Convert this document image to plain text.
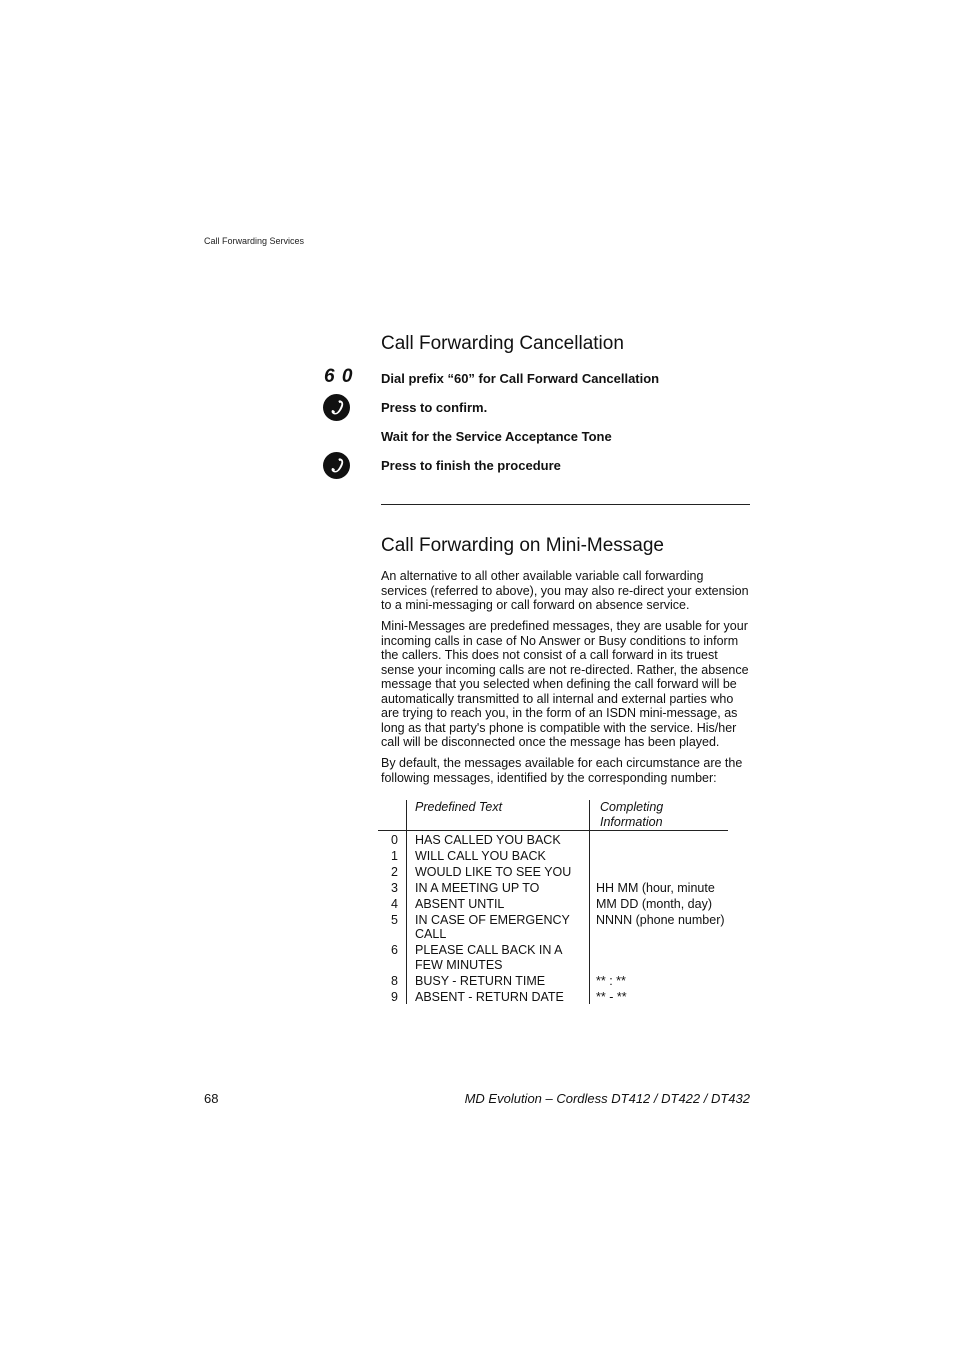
Call Forwarding Services
Call Forwarding Cancellation
6 0 Dial prefix “60” for Call Forward Cancellation
Press to confirm.
Wait for the Service Acceptance Tone
Press to finish the procedure
Call Forwarding on Mini-Message

An alternative to all other available variable call forwarding services (referred to above), you may also re-direct your extension to a mini-messaging or call forward on absence service.

Mini-Messages are predefined messages, they are usable for your incoming calls in case of No Answer or Busy conditions to inform the callers. This does not consist of a call forward in its truest sense your incoming calls are not re-directed. Rather, the absence message that you selected when defining the call forward will be automatically transmitted to all internal and external parties who are trying to reach you, in the form of an ISDN mini-message, as long as that party's phone is compatible with the service. His/her call will be disconnected once the message has been played.

By default, the messages available for each circumstance are the following messages, identified by the corresponding number:

	Predefined Text	Completing Information
0	HAS CALLED YOU BACK	
1	WILL CALL YOU BACK	
2	WOULD LIKE TO SEE YOU	
3	IN A MEETING UP TO	HH MM (hour, minute
4	ABSENT UNTIL	MM DD (month, day)
5	IN CASE OF EMERGENCY CALL	NNNN (phone number)
6	PLEASE CALL BACK IN A FEW MINUTES	
8	BUSY - RETURN TIME	** : **
9	ABSENT - RETURN DATE	** - **
68	MD Evolution – Cordless DT412 / DT422 / DT432
